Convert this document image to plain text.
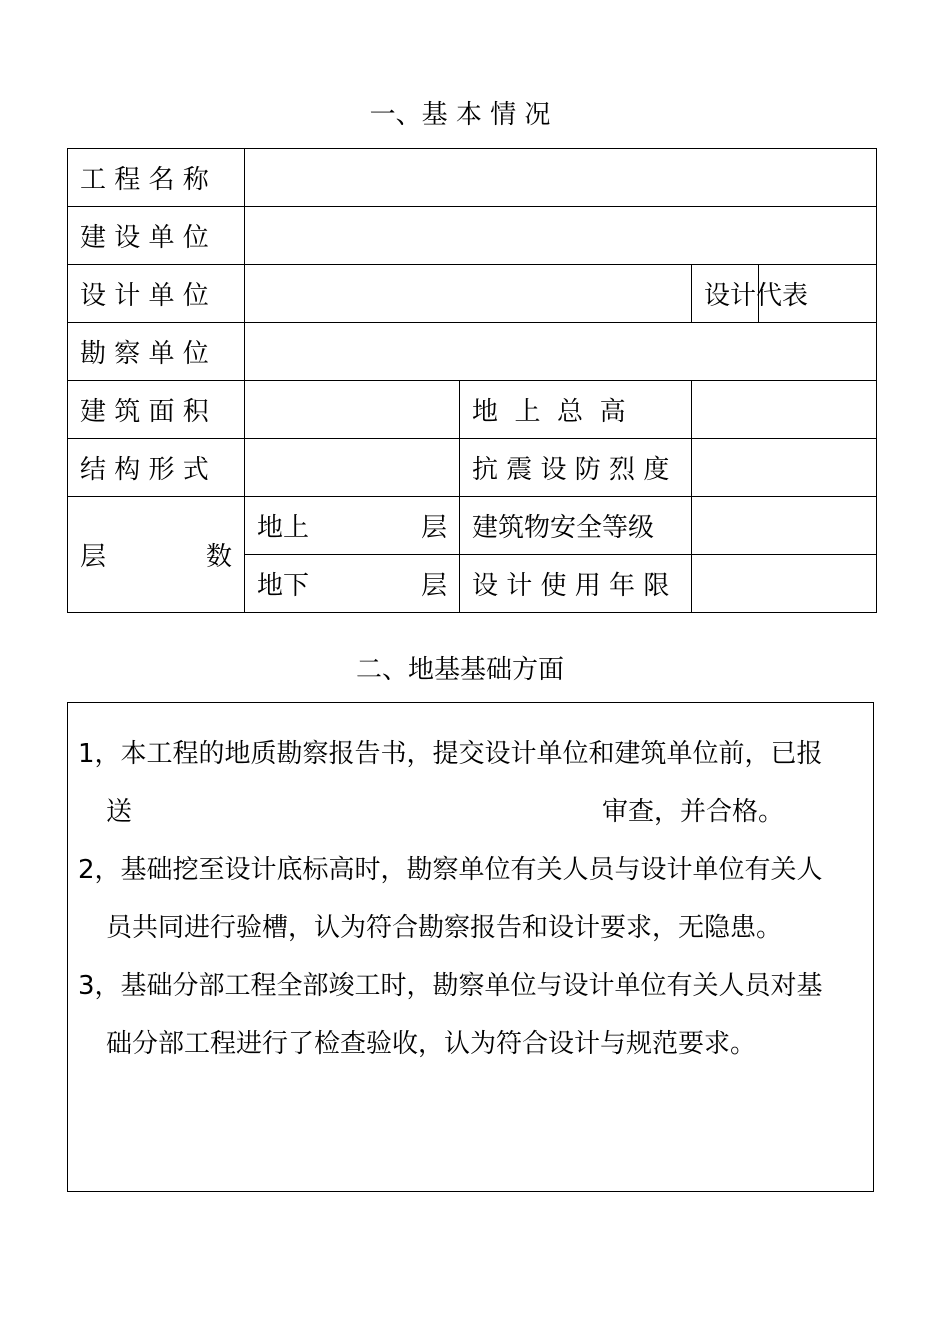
一、基 本 情 况
工 程 名 称				
建 设 单 位				
设 计 单 位			设计代表	
勘 察 单 位				
建 筑 面 积		地  上  总  高		
结 构 形 式		抗 震 设 防 烈 度		

层 数	地上 层	建筑物安全等级		

	地下 层	设 计 使 用 年 限		
二、地基基础方面
1，本工程的地质勘察报告书，提交设计单位和建筑单位前，已报
送	审查，并合格。
2，基础挖至设计底标高时，勘察单位有关人员与设计单位有关人
员共同进行验槽，认为符合勘察报告和设计要求，无隐患。
3，基础分部工程全部竣工时，勘察单位与设计单位有关人员对基
础分部工程进行了检查验收，认为符合设计与规范要求。
